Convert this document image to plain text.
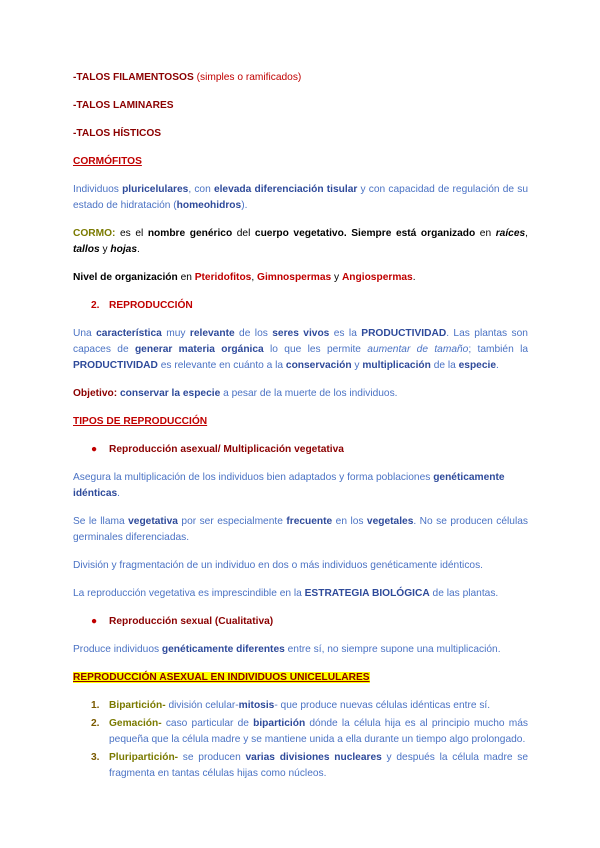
-TALOS FILAMENTOSOS (simples o ramificados)

-TALOS LAMINARES

-TALOS HÍSTICOS

CORMÓFITOS

Individuos pluricelulares, con elevada diferenciación tisular y con capacidad de regulación de su estado de hidratación (homeohidros).

CORMO: es el nombre genérico del cuerpo vegetativo. Siempre está organizado en raíces, tallos y hojas.

Nivel de organización en Pteridofitos, Gimnospermas y Angiospermas.

2. REPRODUCCIÓN

Una característica muy relevante de los seres vivos es la PRODUCTIVIDAD. Las plantas son capaces de generar materia orgánica lo que les permite aumentar de tamaño; también la PRODUCTIVIDAD es relevante en cuánto a la conservación y multiplicación de la especie.

Objetivo: conservar la especie a pesar de la muerte de los individuos.

TIPOS DE REPRODUCCIÓN

● Reproducción asexual/ Multiplicación vegetativa

Asegura la multiplicación de los individuos bien adaptados y forma poblaciones genéticamente idénticas.

Se le llama vegetativa por ser especialmente frecuente en los vegetales. No se producen células germinales diferenciadas.

División y fragmentación de un individuo en dos o más individuos genéticamente idénticos.

La reproducción vegetativa es imprescindible en la ESTRATEGIA BIOLÓGICA de las plantas.

● Reproducción sexual (Cualitativa)

Produce individuos genéticamente diferentes entre sí, no siempre supone una multiplicación.

REPRODUCCIÓN ASEXUAL EN INDIVIDUOS UNICELULARES

1. Bipartición- división celular-mitosis- que produce nuevas células idénticas entre sí.
2. Gemación- caso particular de bipartición dónde la célula hija es al principio mucho más pequeña que la célula madre y se mantiene unida a ella durante un tiempo algo prolongado.
3. Pluripartición- se producen varias divisiones nucleares y después la célula madre se fragmenta en tantas células hijas como núcleos.
